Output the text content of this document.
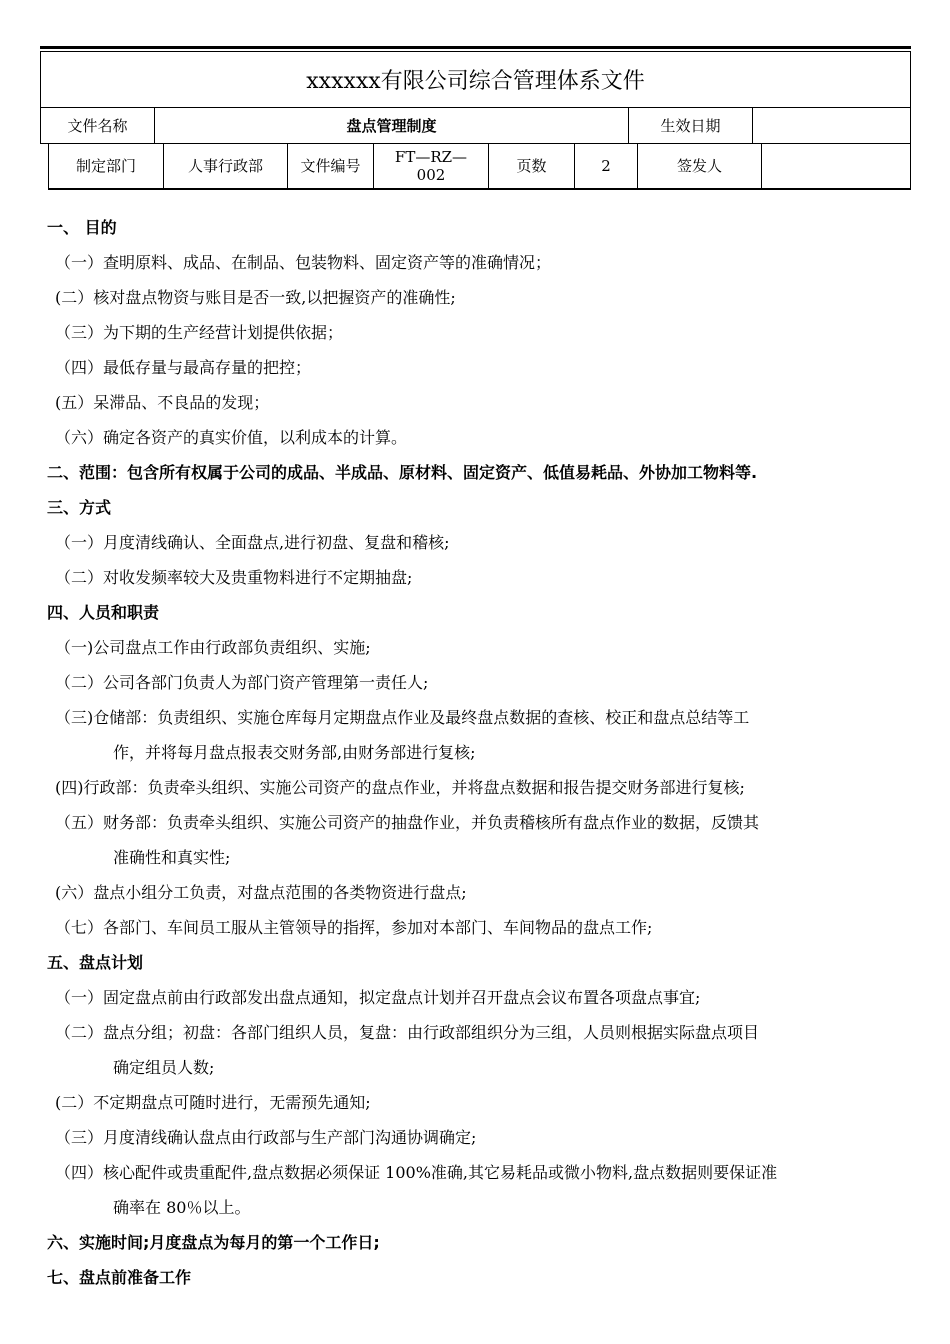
xxxxxx有限公司综合管理体系文件
文件名称	盘点管理制度	生效日期
制定部门	人事行政部	文件编号	FT—RZ—002	页数	2	签发人
一、 目的
（一）查明原料、成品、在制品、包装物料、固定资产等的准确情况；
(二）核对盘点物资与账目是否一致,以把握资产的准确性;
（三）为下期的生产经营计划提供依据；
（四）最低存量与最高存量的把控；
(五）呆滞品、不良品的发现；
（六）确定各资产的真实价值，以利成本的计算。
二、范围：包含所有权属于公司的成品、半成品、原材料、固定资产、低值易耗品、外协加工物料等.
三、方式
（一）月度清线确认、全面盘点,进行初盘、复盘和稽核;
（二）对收发频率较大及贵重物料进行不定期抽盘;
四、人员和职责
（一)公司盘点工作由行政部负责组织、实施;
（二）公司各部门负责人为部门资产管理第一责任人;
（三)仓储部：负责组织、实施仓库每月定期盘点作业及最终盘点数据的查核、校正和盘点总结等工
作，并将每月盘点报表交财务部,由财务部进行复核;
(四)行政部：负责牵头组织、实施公司资产的盘点作业，并将盘点数据和报告提交财务部进行复核;
（五）财务部：负责牵头组织、实施公司资产的抽盘作业，并负责稽核所有盘点作业的数据，反馈其
准确性和真实性;
(六）盘点小组分工负责，对盘点范围的各类物资进行盘点;
（七）各部门、车间员工服从主管领导的指挥，参加对本部门、车间物品的盘点工作;
五、盘点计划
（一）固定盘点前由行政部发出盘点通知，拟定盘点计划并召开盘点会议布置各项盘点事宜;
（二）盘点分组；初盘：各部门组织人员，复盘：由行政部组织分为三组，人员则根据实际盘点项目
确定组员人数;
(二）不定期盘点可随时进行，无需预先通知;
（三）月度清线确认盘点由行政部与生产部门沟通协调确定;
（四）核心配件或贵重配件,盘点数据必须保证 100%准确,其它易耗品或微小物料,盘点数据则要保证准
确率在 80％以上。
六、实施时间;月度盘点为每月的第一个工作日;
七、盘点前准备工作
